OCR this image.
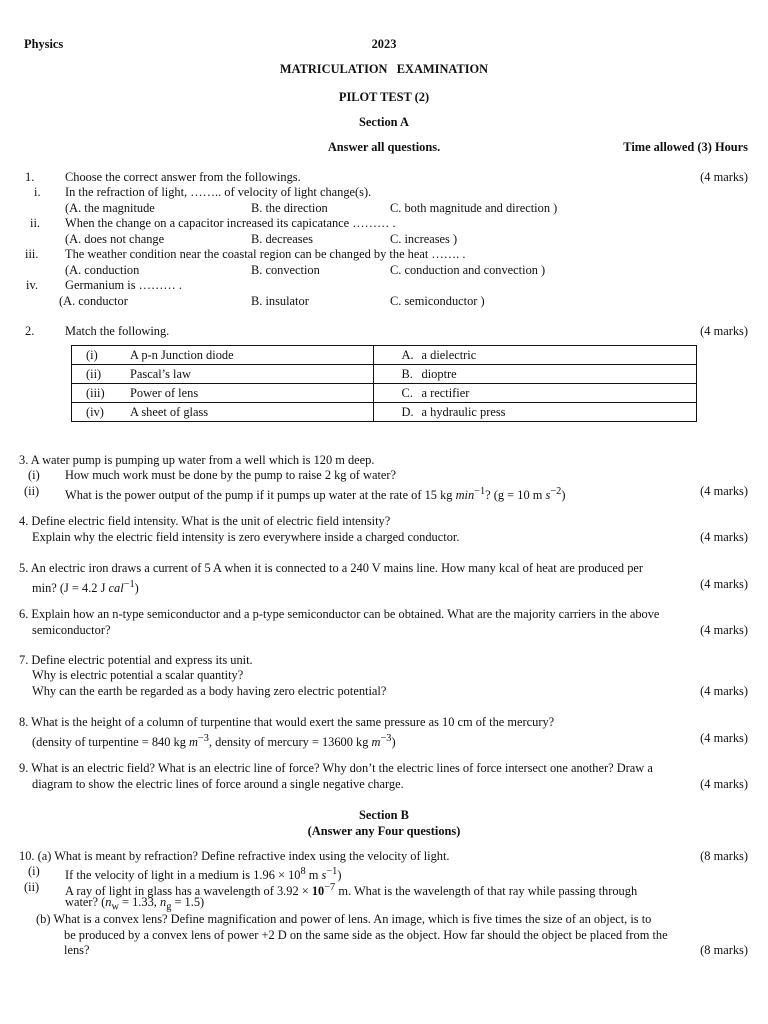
Physics	2023
MATRICULATION   EXAMINATION
PILOT TEST (2)
Section A
Answer all questions.	Time allowed (3) Hours
1. Choose the correct answer from the followings.	(4 marks)
i. In the refraction of light, …….. of velocity of light change(s).
(A. the magnitude	B. the direction	C. both magnitude and direction )
ii. When the change on a capacitor increased its capicatance ……… .
(A. does not change	B. decreases	C. increases )
iii. The weather condition near the coastal region can be changed by the heat ……. .
(A. conduction	B. convection	C. conduction and convection )
iv. Germanium is ……… .
(A. conductor	B. insulator	C. semiconductor )
2. Match the following.	(4 marks)
(i) A p-n Junction diode	A. a dielectric
(ii) Pascal’s law	B. dioptre
(iii) Power of lens	C. a rectifier
(iv) A sheet of glass	D. a hydraulic press
3. A water pump is pumping up water from a well which is 120 m deep.
(i) How much work must be done by the pump to raise 2 kg of water?
(ii) What is the power output of the pump if it pumps up water at the rate of 15 kg $\min^{-1}$? (g = 10 m $s^{-2}$)	(4 marks)
4. Define electric field intensity. What is the unit of electric field intensity?
Explain why the electric field intensity is zero everywhere inside a charged conductor.	(4 marks)
5. An electric iron draws a current of 5 A when it is connected to a 240 V mains line. How many kcal of heat are produced per
min? (J = 4.2 J cal$^{-1}$)	(4 marks)
6. Explain how an n-type semiconductor and a p-type semiconductor can be obtained. What are the majority carriers in the above
semiconductor?	(4 marks)
7. Define electric potential and express its unit.
Why is electric potential a scalar quantity?
Why can the earth be regarded as a body having zero electric potential?	(4 marks)
8. What is the height of a column of turpentine that would exert the same pressure as 10 cm of the mercury?
(density of turpentine = 840 kg $m^{-3}$, density of mercury = 13600 kg $m^{-3}$)	(4 marks)
9. What is an electric field? What is an electric line of force? Why don’t the electric lines of force intersect one another? Draw a
diagram to show the electric lines of force around a single negative charge.	(4 marks)
Section B
(Answer any Four questions)
10. (a) What is meant by refraction? Define refractive index using the velocity of light.	(8 marks)
(i) If the velocity of light in a medium is $1.96 \times 10^8$ m $s^{-1}$)
(ii) A ray of light in glass has a wavelength of $3.92 \times 10^{-7}$ m. What is the wavelength of that ray while passing through
water? ($n_w = 1.33$, $n_g = 1.5$)
(b) What is a convex lens? Define magnification and power of lens. An image, which is five times the size of an object, is to
be produced by a convex lens of power +2 D on the same side as the object. How far should the object be placed from the
lens?	(8 marks)
